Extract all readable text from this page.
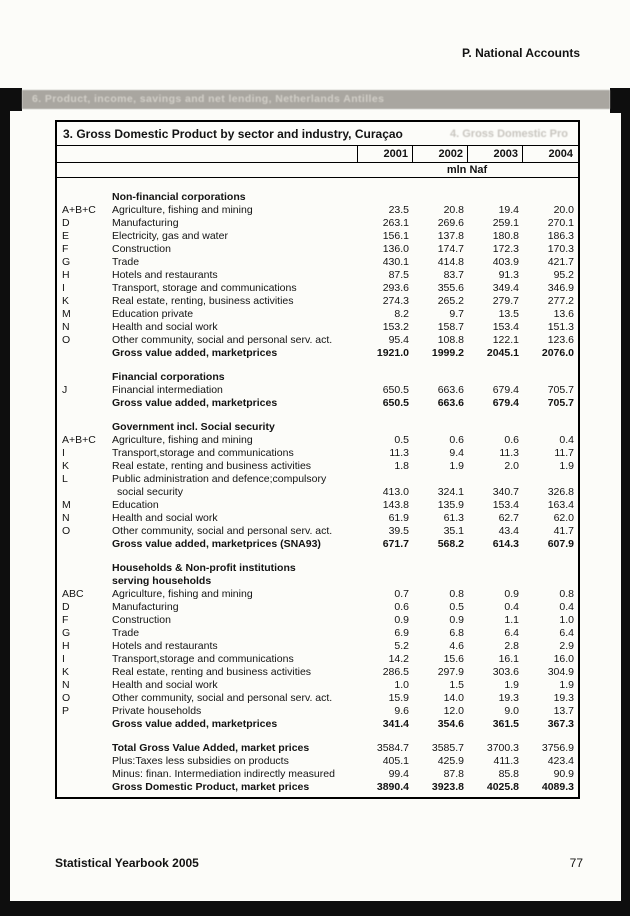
6. Product, income, savings and net lending, Netherlands Antilles
P. National Accounts
3. Gross Domestic Product by sector and industry, Curaçao	4. Gross Domestic Pro
2001	2002	2003	2004
mln Naf
Non-financial corporations
A+B+C	Agriculture, fishing and mining	23.5	20.8	19.4	20.0
D	Manufacturing	263.1	269.6	259.1	270.1
E	Electricity, gas and water	156.1	137.8	180.8	186.3
F	Construction	136.0	174.7	172.3	170.3
G	Trade	430.1	414.8	403.9	421.7
H	Hotels and restaurants	87.5	83.7	91.3	95.2
I	Transport, storage and communications	293.6	355.6	349.4	346.9
K	Real estate, renting, business activities	274.3	265.2	279.7	277.2
M	Education private	8.2	9.7	13.5	13.6
N	Health and social work	153.2	158.7	153.4	151.3
O	Other community, social and personal serv. act.	95.4	108.8	122.1	123.6
Gross value added, marketprices	1921.0	1999.2	2045.1	2076.0
Financial corporations
J	Financial intermediation	650.5	663.6	679.4	705.7
Gross value added, marketprices	650.5	663.6	679.4	705.7
Government incl. Social security
A+B+C	Agriculture, fishing and mining	0.5	0.6	0.6	0.4
I	Transport,storage and communications	11.3	9.4	11.3	11.7
K	Real estate, renting and business activities	1.8	1.9	2.0	1.9
L	Public administration and defence;compulsory
social security	413.0	324.1	340.7	326.8
M	Education	143.8	135.9	153.4	163.4
N	Health and social work	61.9	61.3	62.7	62.0
O	Other community, social and personal serv. act.	39.5	35.1	43.4	41.7
Gross value added, marketprices (SNA93)	671.7	568.2	614.3	607.9
Households & Non-profit institutions
serving households
ABC	Agriculture, fishing and mining	0.7	0.8	0.9	0.8
D	Manufacturing	0.6	0.5	0.4	0.4
F	Construction	0.9	0.9	1.1	1.0
G	Trade	6.9	6.8	6.4	6.4
H	Hotels and restaurants	5.2	4.6	2.8	2.9
I	Transport,storage and communications	14.2	15.6	16.1	16.0
K	Real estate, renting and business activities	286.5	297.9	303.6	304.9
N	Health and social work	1.0	1.5	1.9	1.9
O	Other community, social and personal serv. act.	15.9	14.0	19.3	19.3
P	Private households	9.6	12.0	9.0	13.7
Gross value added, marketprices	341.4	354.6	361.5	367.3
Total Gross Value Added, market prices	3584.7	3585.7	3700.3	3756.9
Plus:Taxes less subsidies on products	405.1	425.9	411.3	423.4
Minus: finan. Intermediation indirectly measured	99.4	87.8	85.8	90.9
Gross Domestic Product, market prices	3890.4	3923.8	4025.8	4089.3
Statistical Yearbook 2005	77
